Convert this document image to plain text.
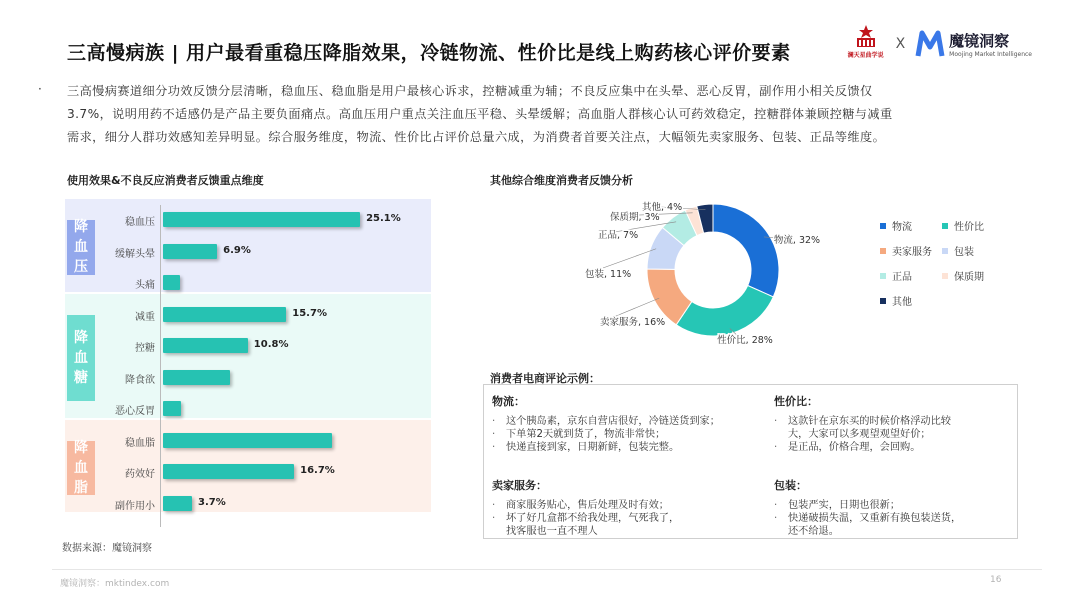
三高慢病族 | 用户最看重稳压降脂效果，冷链物流、性价比是线上购药核心评价要素	澜天星曲学说
X	魔镜洞察
Moojing Market Intelligence
· 三高慢病赛道细分功效反馈分层清晰，稳血压、稳血脂是用户最核心诉求，控糖减重为辅；不良反应集中在头晕、恶心反胃，副作用小相关反馈仅
3.7%，说明用药不适感仍是产品主要负面痛点。高血压用户重点关注血压平稳、头晕缓解；高血脂人群核心认可药效稳定，控糖群体兼顾控糖与减重
需求，细分人群功效感知差异明显。综合服务维度，物流、性价比占评价总量六成，为消费者首要关注点，大幅领先卖家服务、包装、正品等维度。
使用效果&不良反应消费者反馈重点维度	其他综合维度消费者反馈分析
降
血
压
稳血压	25.1%
缓解头晕	6.9%
头痛
降
血
糖
减重	15.7%
控糖	10.8%
降食欲
恶心反胃
降
血
脂
稳血脂
药效好	16.7%
副作用小	3.7%
物流, 32%
性价比, 28%
卖家服务, 16%
包装, 11%
正品, 7%
保质期, 3%
其他, 4%
物流	性价比
卖家服务 包装
正品	保质期
其他
消费者电商评论示例：
物流：
·	这个胰岛素，京东自营店很好，冷链送货到家；
·	下单第2天就到货了，物流非常快；
·	快递直接到家，日期新鲜，包装完整。
性价比：
·	这款针在京东买的时候价格浮动比较
大，大家可以多观望观望好价；
·	是正品，价格合理，会回购。
卖家服务：
·	商家服务贴心，售后处理及时有效；
·	坏了好几盒都不给我处理，气死我了，
找客服也一直不理人
包装：
·	包装严实，日期也很新；
·	快递破损失温，又重新有换包装送货，
还不给退。
数据来源：魔镜洞察
魔镜洞察：mktindex.com	16
